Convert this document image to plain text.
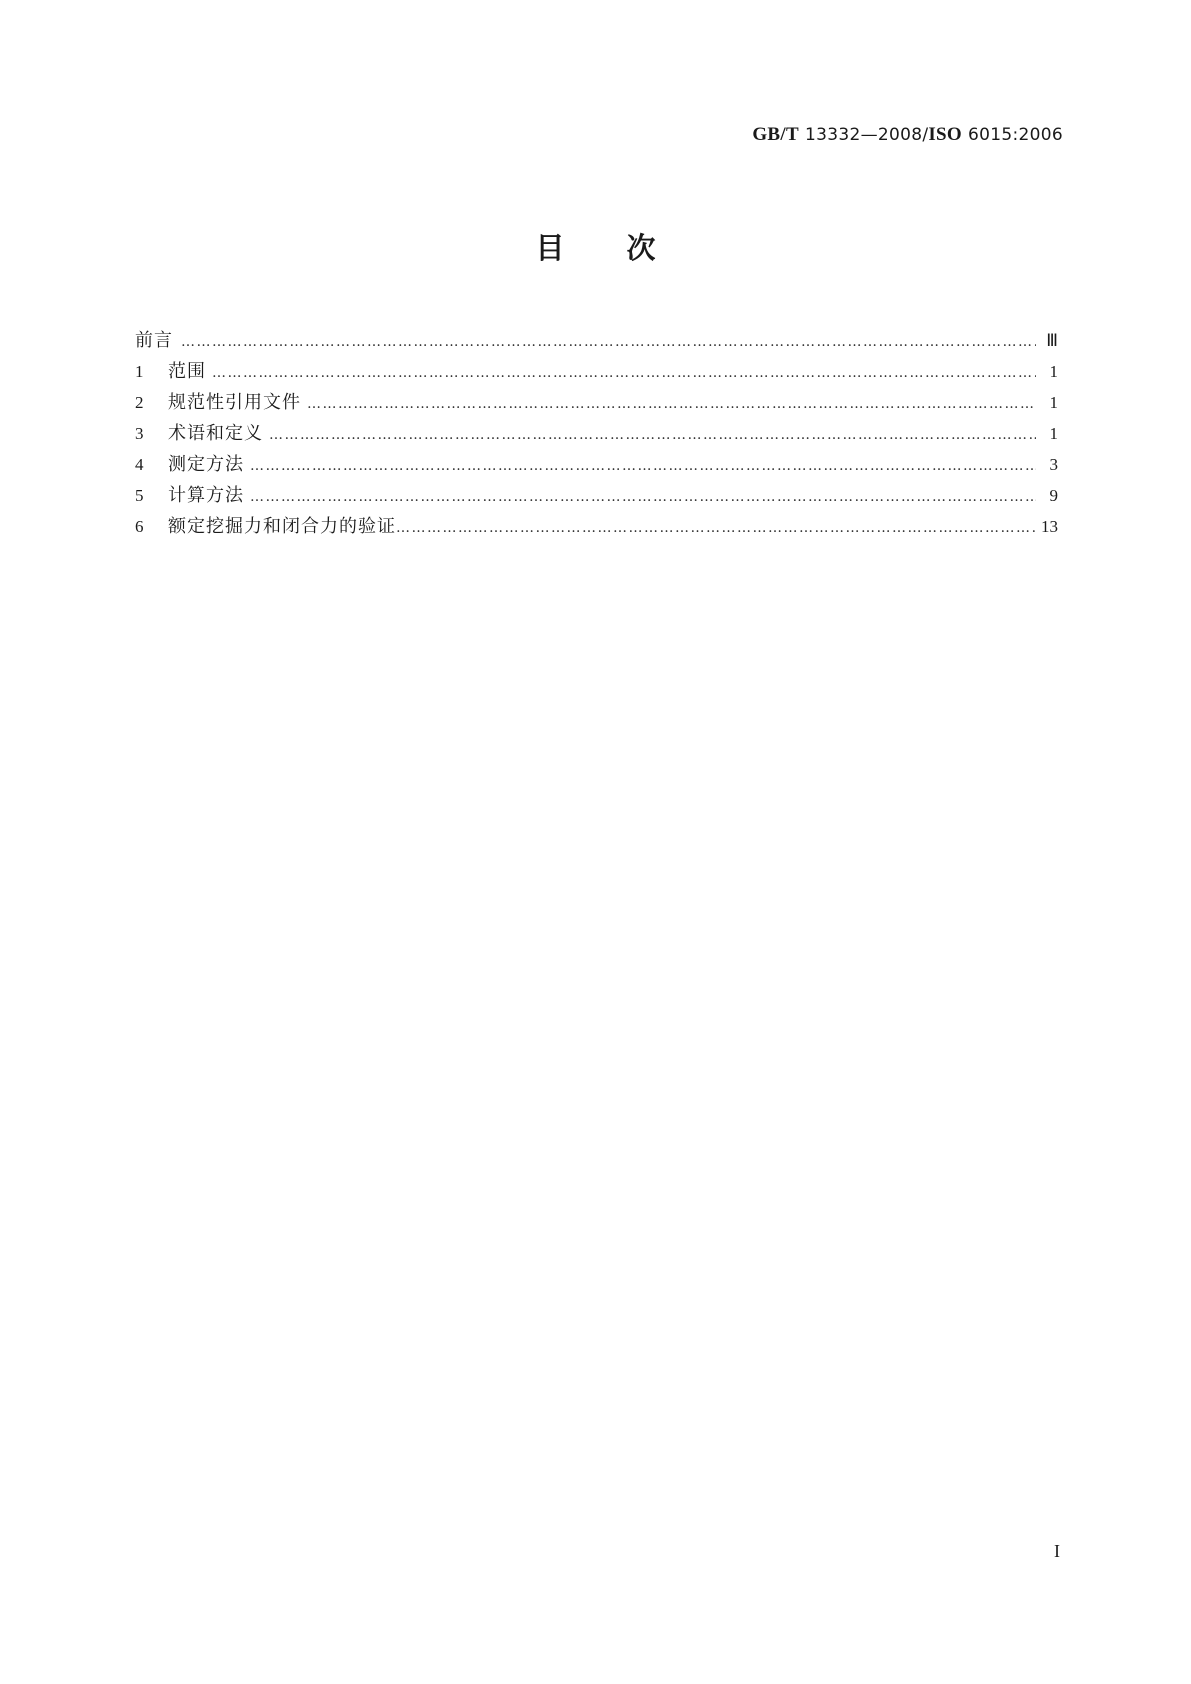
GB/T 13332—2008/ISO 6015:2006
目次
前言 …………………………………………………………………………………………………………………………………………………………………………………………………………………………………………	Ⅲ
1	范围 …………………………………………………………………………………………………………………………………………………………………………………………………………………………………………	1
2	规范性引用文件 …………………………………………………………………………………………………………………………………………………………………………………………………………………………………………	1
3	术语和定义 …………………………………………………………………………………………………………………………………………………………………………………………………………………………………………	1
4	测定方法 …………………………………………………………………………………………………………………………………………………………………………………………………………………………………………	3
5	计算方法 …………………………………………………………………………………………………………………………………………………………………………………………………………………………………………	9
6	额定挖掘力和闭合力的验证 …………………………………………………………………………………………………………………………………………………………………………………………………………………………………………	13
I
